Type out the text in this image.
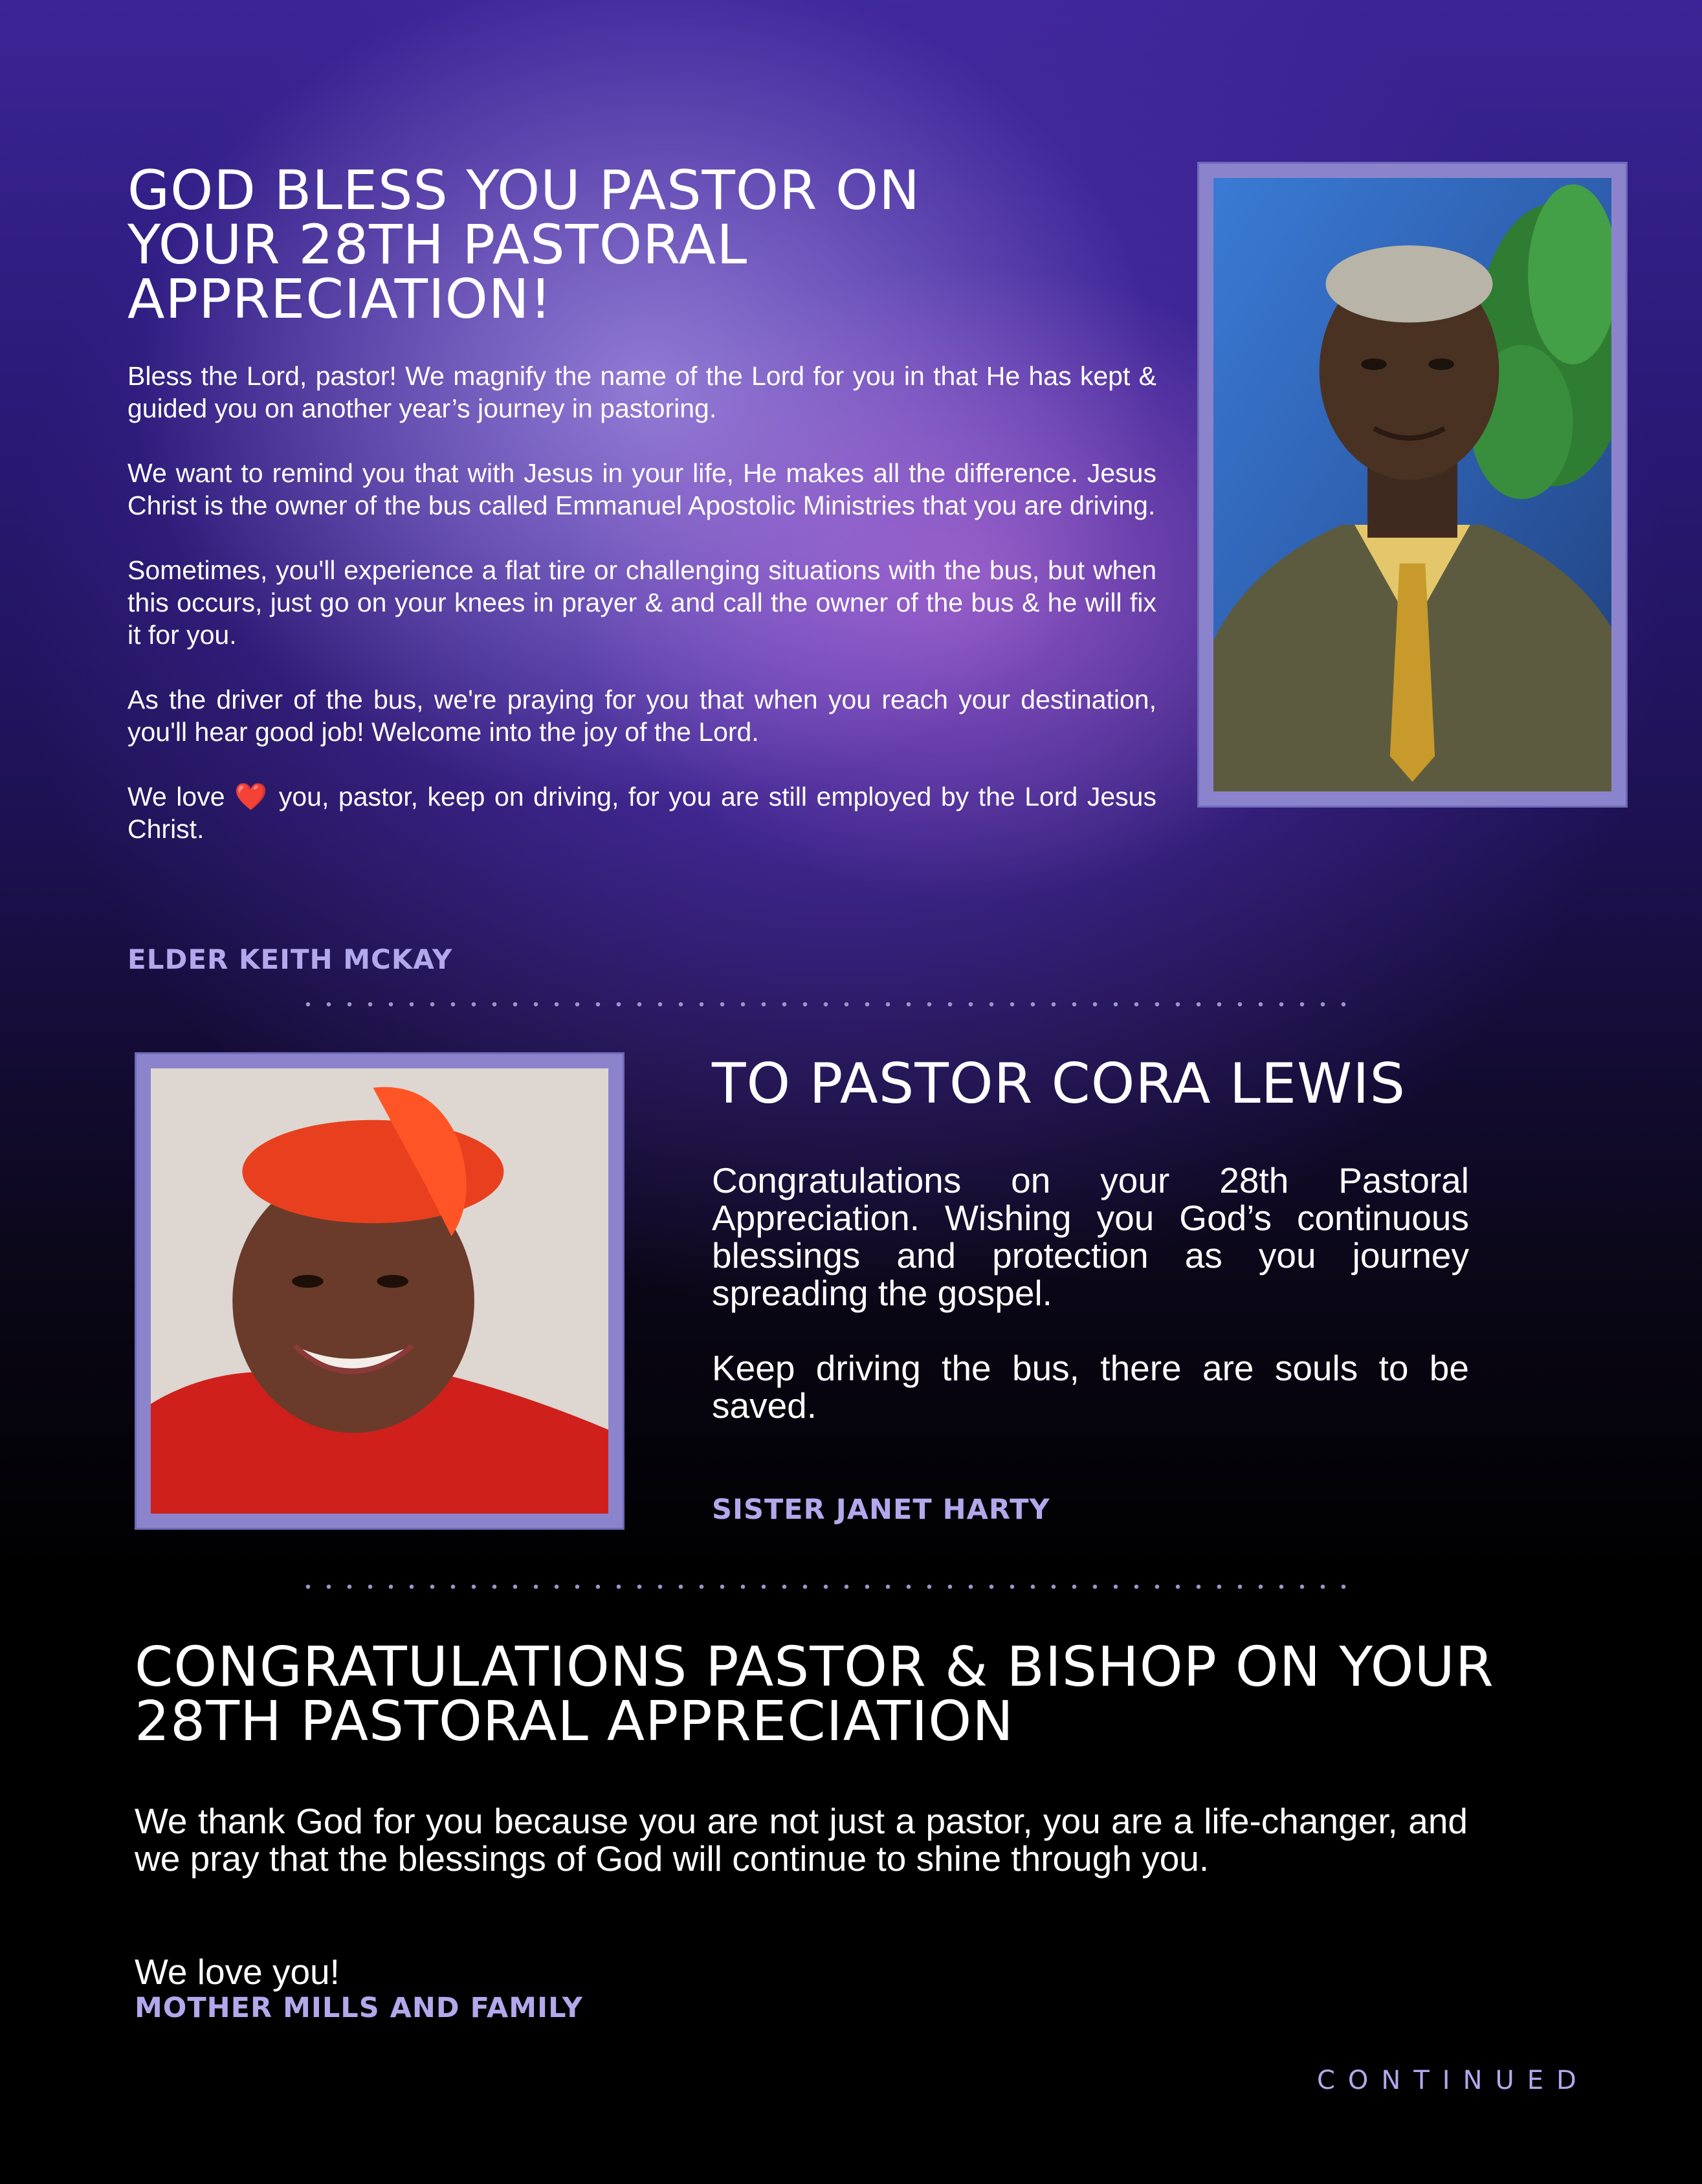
GOD BLESS YOU PASTOR ON YOUR 28TH PASTORAL APPRECIATION!

Bless the Lord, pastor! We magnify the name of the Lord for you in that He has kept & guided you on another year’s journey in pastoring.

We want to remind you that with Jesus in your life, He makes all the difference. Jesus Christ is the owner of the bus called Emmanuel Apostolic Ministries that you are driving.

Sometimes, you'll experience a flat tire or challenging situations with the bus, but when this occurs, just go on your knees in prayer & and call the owner of the bus & he will fix it for you.

As the driver of the bus, we're praying for you that when you reach your destination, you'll hear good job! Welcome into the joy of the Lord.

We love ❤️ you, pastor, keep on driving, for you are still employed by the Lord Jesus Christ.

ELDER KEITH MCKAY
TO PASTOR CORA LEWIS

Congratulations on your 28th Pastoral Appreciation. Wishing you God’s continuous blessings and protection as you journey spreading the gospel.

Keep driving the bus, there are souls to be saved.

SISTER JANET HARTY
CONGRATULATIONS PASTOR & BISHOP ON YOUR 28TH PASTORAL APPRECIATION

We thank God for you because you are not just a pastor, you are a life-changer, and we pray that the blessings of God will continue to shine through you.

We love you!

MOTHER MILLS AND FAMILY
CONTINUED
